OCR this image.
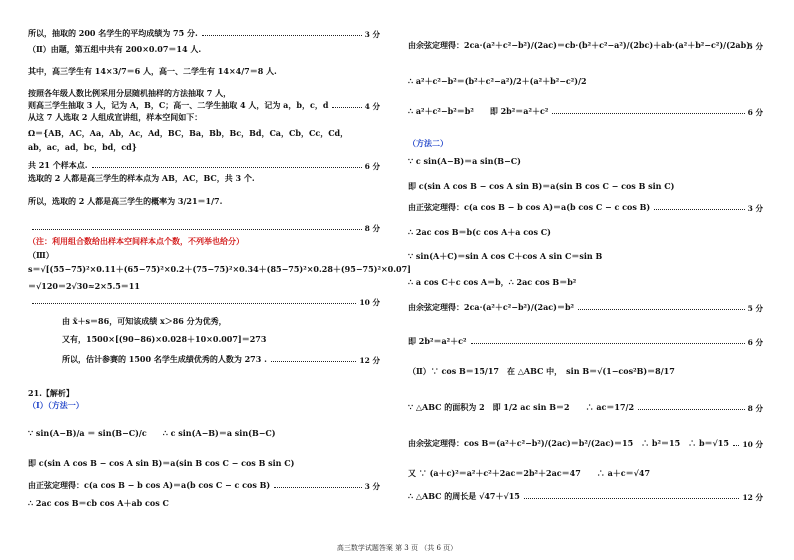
所以，抽取的 200 名学生的平均成绩为 75 分.	3 分
（Ⅱ）由题，第五组中共有 200×0.07＝14 人.
其中，高三学生有 14×3/7＝6 人，高一、二学生有 14×4/7＝8 人.
按照各年级人数比例采用分层随机抽样的方法抽取 7 人，
则高三学生抽取 3 人，记为 A，B，C；高一、二学生抽取 4 人，记为 a，b，c，d	4 分
从这 7 人选取 2 人组成宣讲组，样本空间如下：
Ω＝{AB，AC，Aa，Ab，Ac，Ad，BC，Ba，Bb，Bc，Bd，Ca，Cb，Cc，Cd，
ab，ac，ad，bc，bd，cd}
共 21 个样本点.	6 分
选取的 2 人都是高三学生的样本点为 AB，AC，BC，共 3 个.
所以，选取的 2 人都是高三学生的概率为 3/21＝1/7.
8 分
（注：利用组合数给出样本空间样本点个数，不列举也给分）
（Ⅲ）
s＝√[(55−75)²×0.11＋(65−75)²×0.2＋(75−75)²×0.34＋(85−75)²×0.28＋(95−75)²×0.07]
＝√120＝2√30≈2×5.5＝11
10 分
由 x̄＋s＝86，可知该成绩 x＞86 分为优秀，
又有，1500×[(90−86)×0.028＋10×0.007]＝273
所以，估计参赛的 1500 名学生成绩优秀的人数为 273 .	12 分
21.【解析】
（Ⅰ）（方法一）
∵ sin(A−B)/a ＝ sin(B−C)/c　　∴ c sin(A−B)＝a sin(B−C)
即 c(sin A cos B − cos A sin B)＝a(sin B cos C − cos B sin C)
由正弦定理得：c(a cos B − b cos A)＝a(b cos C − c cos B)	3 分
∴ 2ac cos B＝cb cos A＋ab cos C
由余弦定理得：2ca·(a²＋c²−b²)/(2ac)＝cb·(b²＋c²−a²)/(2bc)＋ab·(a²＋b²−c²)/(2ab)
5 分
∴ a²＋c²−b²＝(b²＋c²−a²)/2＋(a²＋b²−c²)/2
∴ a²＋c²−b²＝b²　　即 2b²＝a²＋c²	6 分
（方法二）
∵ c sin(A−B)＝a sin(B−C)
即 c(sin A cos B − cos A sin B)＝a(sin B cos C − cos B sin C)
由正弦定理得：c(a cos B − b cos A)＝a(b cos C − c cos B)	3 分
∴ 2ac cos B＝b(c cos A＋a cos C)
∵ sin(A＋C)＝sin A cos C＋cos A sin C＝sin B
∴ a cos C＋c cos A＝b，∴ 2ac cos B＝b²
由余弦定理得：2ca·(a²＋c²−b²)/(2ac)＝b²	5 分
即 2b²＝a²＋c²	6 分
（Ⅱ）∵ cos B＝15/17　在 △ABC 中，　sin B＝√(1−cos²B)＝8/17
∵ △ABC 的面积为 2　即 1/2 ac sin B＝2　　∴ ac＝17/2	8 分
由余弦定理得：cos B＝(a²＋c²−b²)/(2ac)＝b²/(2ac)＝15　∴ b²＝15　∴ b＝√15 10 分
又 ∵ (a＋c)²＝a²＋c²＋2ac＝2b²＋2ac＝47　　∴ a＋c＝√47
∴ △ABC 的周长是 √47＋√15	12 分
高三数学试题答案 第 3 页 （共 6 页）
